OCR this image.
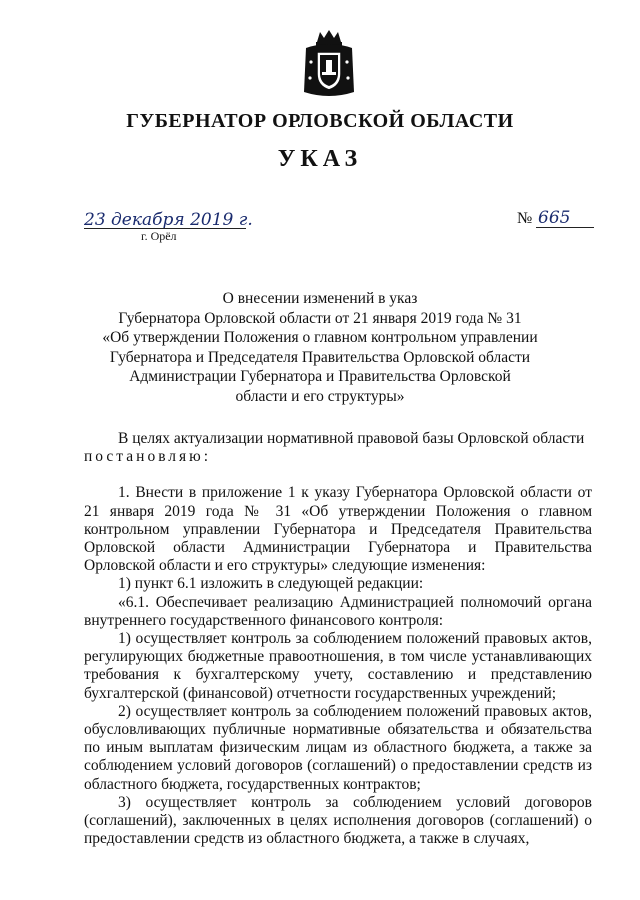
ГУБЕРНАТОР ОРЛОВСКОЙ ОБЛАСТИ
УКАЗ
23 декабря 2019 г.
г. Орёл
№ 665
О внесении изменений в указ
Губернатора Орловской области от 21 января 2019 года № 31
«Об утверждении Положения о главном контрольном управлении
Губернатора и Председателя Правительства Орловской области
Администрации Губернатора и Правительства Орловской
области и его структуры»

В целях актуализации нормативной правовой базы Орловской области

постановляю:

1. Внести в приложение 1 к указу Губернатора Орловской области от 21 января 2019 года № 31 «Об утверждении Положения о главном контрольном управлении Губернатора и Председателя Правительства Орловской области Администрации Губернатора и Правительства Орловской области и его структуры» следующие изменения:

1) пункт 6.1 изложить в следующей редакции:

«6.1. Обеспечивает реализацию Администрацией полномочий органа внутреннего государственного финансового контроля:

1) осуществляет контроль за соблюдением положений правовых актов, регулирующих бюджетные правоотношения, в том числе устанавливающих требования к бухгалтерскому учету, составлению и представлению бухгалтерской (финансовой) отчетности государственных учреждений;

2) осуществляет контроль за соблюдением положений правовых актов, обусловливающих публичные нормативные обязательства и обязательства по иным выплатам физическим лицам из областного бюджета, а также за соблюдением условий договоров (соглашений) о предоставлении средств из областного бюджета, государственных контрактов;

3) осуществляет контроль за соблюдением условий договоров (соглашений), заключенных в целях исполнения договоров (соглашений) о предоставлении средств из областного бюджета, а также в случаях,
